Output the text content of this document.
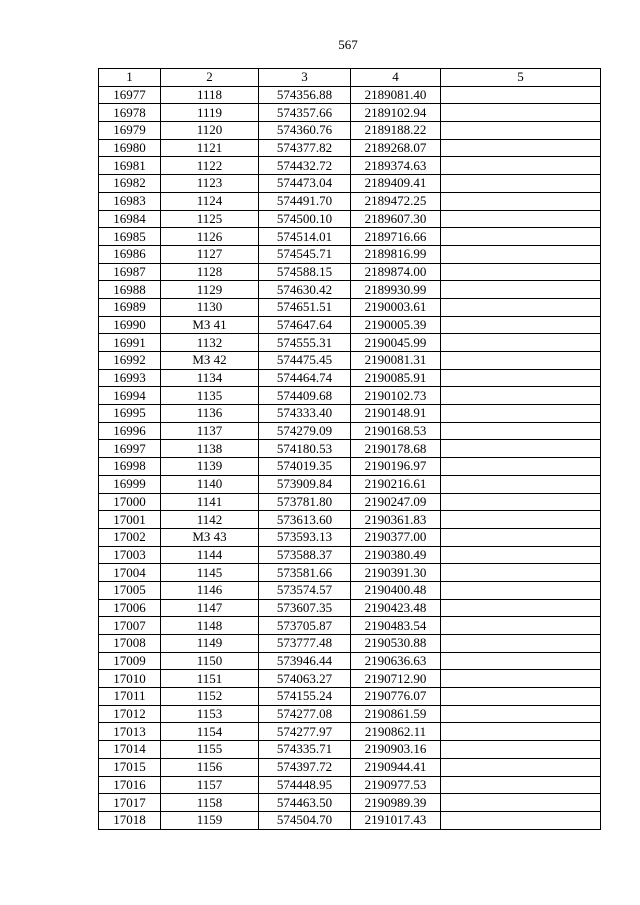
567
1	2	3	4	5
16977	1118	574356.88	2189081.40	
16978	1119	574357.66	2189102.94	
16979	1120	574360.76	2189188.22	
16980	1121	574377.82	2189268.07	
16981	1122	574432.72	2189374.63	
16982	1123	574473.04	2189409.41	
16983	1124	574491.70	2189472.25	
16984	1125	574500.10	2189607.30	
16985	1126	574514.01	2189716.66	
16986	1127	574545.71	2189816.99	
16987	1128	574588.15	2189874.00	
16988	1129	574630.42	2189930.99	
16989	1130	574651.51	2190003.61	
16990	МЗ 41	574647.64	2190005.39	
16991	1132	574555.31	2190045.99	
16992	МЗ 42	574475.45	2190081.31	
16993	1134	574464.74	2190085.91	
16994	1135	574409.68	2190102.73	
16995	1136	574333.40	2190148.91	
16996	1137	574279.09	2190168.53	
16997	1138	574180.53	2190178.68	
16998	1139	574019.35	2190196.97	
16999	1140	573909.84	2190216.61	
17000	1141	573781.80	2190247.09	
17001	1142	573613.60	2190361.83	
17002	МЗ 43	573593.13	2190377.00	
17003	1144	573588.37	2190380.49	
17004	1145	573581.66	2190391.30	
17005	1146	573574.57	2190400.48	
17006	1147	573607.35	2190423.48	
17007	1148	573705.87	2190483.54	
17008	1149	573777.48	2190530.88	
17009	1150	573946.44	2190636.63	
17010	1151	574063.27	2190712.90	
17011	1152	574155.24	2190776.07	
17012	1153	574277.08	2190861.59	
17013	1154	574277.97	2190862.11	
17014	1155	574335.71	2190903.16	
17015	1156	574397.72	2190944.41	
17016	1157	574448.95	2190977.53	
17017	1158	574463.50	2190989.39	
17018	1159	574504.70	2191017.43	
